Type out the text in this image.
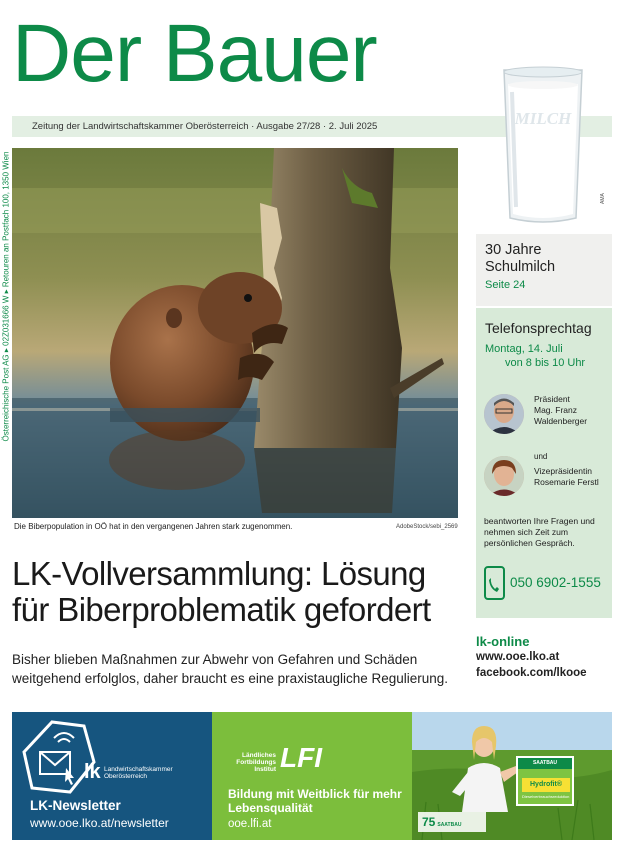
Der Bauer
Zeitung der Landwirtschaftskammer Oberösterreich · Ausgabe 27/28 · 2. Juli 2025
Österreichische Post AG ▸ 02Z031666 W ▸ Retouren an Postfach 100, 1350 Wien
Die Biberpopulation in OÖ hat in den vergangenen Jahren stark zugenommen.	AdobeStock/sebi_2569
LK-Vollversammlung: Lösung
für Biberproblematik gefordert
Bisher blieben Maßnahmen zur Abwehr von Gefahren und Schäden weitgehend erfolglos, daher braucht es eine praxistaugliche Regulierung.
MILCH
AMA
30 Jahre
Schulmilch
Seite 24
Telefonsprechtag
Montag, 14. Juli
von 8 bis 10 Uhr
Präsident
Mag. Franz
Waldenberger
und
Vizepräsidentin
Rosemarie Ferstl
beantworten Ihre Fragen und nehmen sich Zeit zum persönlichen Gespräch.
050 6902-1555
lk-online
www.ooe.lko.at
facebook.com/lkooe
lk Landwirtschaftskammer
Oberösterreich
LK-Newsletter
www.ooe.lko.at/newsletter
Ländliches
Fortbildungs
Institut LFI
Bildung mit Weitblick für mehr Lebensqualität
ooe.lfi.at
SAATBAU
Hydrofit®
Dieselverbrauchsreduktion
75 SAATBAU
